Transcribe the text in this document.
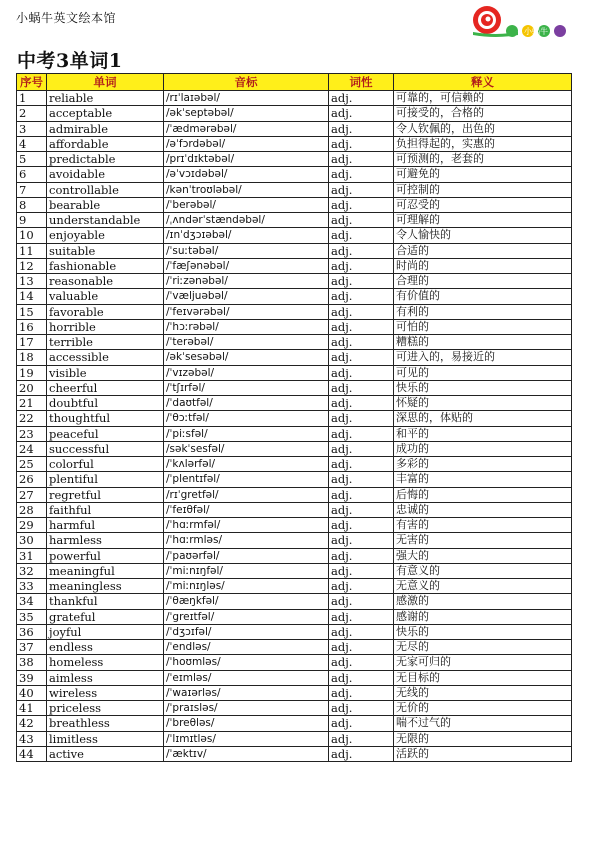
小蜗牛英文绘本馆
小蜗牛
中考3单词1
序号	单词	音标	词性	释义
1	reliable	/rɪˈlaɪəbəl/	adj.	可靠的，可信赖的
2	acceptable	/əkˈseptəbəl/	adj.	可接受的，合格的
3	admirable	/ˈædmərəbəl/	adj.	令人钦佩的，出色的
4	affordable	/əˈfɔrdəbəl/	adj.	负担得起的，实惠的
5	predictable	/prɪˈdɪktəbəl/	adj.	可预测的，老套的
6	avoidable	/əˈvɔɪdəbəl/	adj.	可避免的
7	controllable	/kənˈtroʊləbəl/	adj.	可控制的
8	bearable	/ˈberəbəl/	adj.	可忍受的
9	understandable	/ˌʌndərˈstændəbəl/	adj.	可理解的
10	enjoyable	/ɪnˈdʒɔɪəbəl/	adj.	令人愉快的
11	suitable	/ˈsuːtəbəl/	adj.	合适的
12	fashionable	/ˈfæʃənəbəl/	adj.	时尚的
13	reasonable	/ˈriːzənəbəl/	adj.	合理的
14	valuable	/ˈvæljuəbəl/	adj.	有价值的
15	favorable	/ˈfeɪvərəbəl/	adj.	有利的
16	horrible	/ˈhɔːrəbəl/	adj.	可怕的
17	terrible	/ˈterəbəl/	adj.	糟糕的
18	accessible	/əkˈsesəbəl/	adj.	可进入的，易接近的
19	visible	/ˈvɪzəbəl/	adj.	可见的
20	cheerful	/ˈtʃɪrfəl/	adj.	快乐的
21	doubtful	/ˈdaʊtfəl/	adj.	怀疑的
22	thoughtful	/ˈθɔːtfəl/	adj.	深思的，体贴的
23	peaceful	/ˈpiːsfəl/	adj.	和平的
24	successful	/səkˈsesfəl/	adj.	成功的
25	colorful	/ˈkʌlərfəl/	adj.	多彩的
26	plentiful	/ˈplentɪfəl/	adj.	丰富的
27	regretful	/rɪˈgretfəl/	adj.	后悔的
28	faithful	/ˈfeɪθfəl/	adj.	忠诚的
29	harmful	/ˈhɑːrmfəl/	adj.	有害的
30	harmless	/ˈhɑːrmləs/	adj.	无害的
31	powerful	/ˈpaʊərfəl/	adj.	强大的
32	meaningful	/ˈmiːnɪŋfəl/	adj.	有意义的
33	meaningless	/ˈmiːnɪŋləs/	adj.	无意义的
34	thankful	/ˈθæŋkfəl/	adj.	感激的
35	grateful	/ˈgreɪtfəl/	adj.	感谢的
36	joyful	/ˈdʒɔɪfəl/	adj.	快乐的
37	endless	/ˈendləs/	adj.	无尽的
38	homeless	/ˈhoʊmləs/	adj.	无家可归的
39	aimless	/ˈeɪmləs/	adj.	无目标的
40	wireless	/ˈwaɪərləs/	adj.	无线的
41	priceless	/ˈpraɪsləs/	adj.	无价的
42	breathless	/ˈbreθləs/	adj.	喘不过气的
43	limitless	/ˈlɪmɪtləs/	adj.	无限的
44	active	/ˈæktɪv/	adj.	活跃的
